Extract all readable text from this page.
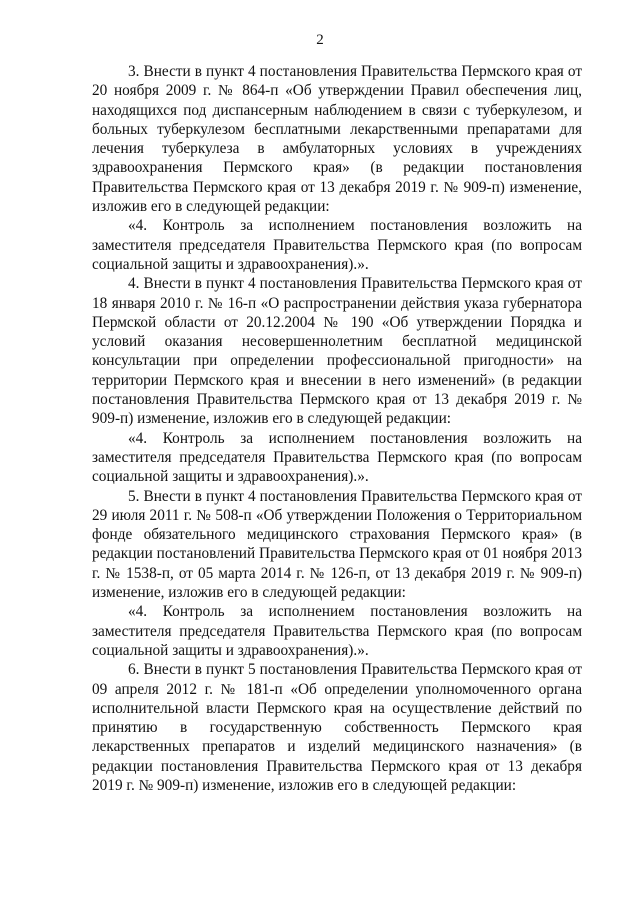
2

3. Внести в пункт 4 постановления Правительства Пермского края от 20 ноября 2009 г. № 864-п «Об утверждении Правил обеспечения лиц, находящихся под диспансерным наблюдением в связи с туберкулезом, и больных туберкулезом бесплатными лекарственными препаратами для лечения туберкулеза в амбулаторных условиях в учреждениях здравоохранения Пермского края» (в редакции постановления Правительства Пермского края от 13 декабря 2019 г. № 909-п) изменение, изложив его в следующей редакции:

«4. Контроль за исполнением постановления возложить на заместителя председателя Правительства Пермского края (по вопросам социальной защиты и здравоохранения).».

4. Внести в пункт 4 постановления Правительства Пермского края от 18 января 2010 г. № 16-п «О распространении действия указа губернатора Пермской области от 20.12.2004 № 190 «Об утверждении Порядка и условий оказания несовершеннолетним бесплатной медицинской консультации при определении профессиональной пригодности» на территории Пермского края и внесении в него изменений» (в редакции постановления Правительства Пермского края от 13 декабря 2019 г. № 909-п) изменение, изложив его в следующей редакции:

«4. Контроль за исполнением постановления возложить на заместителя председателя Правительства Пермского края (по вопросам социальной защиты и здравоохранения).».

5. Внести в пункт 4 постановления Правительства Пермского края от 29 июля 2011 г. № 508-п «Об утверждении Положения о Территориальном фонде обязательного медицинского страхования Пермского края» (в редакции постановлений Правительства Пермского края от 01 ноября 2013 г. № 1538-п, от 05 марта 2014 г. № 126-п, от 13 декабря 2019 г. № 909-п) изменение, изложив его в следующей редакции:

«4. Контроль за исполнением постановления возложить на заместителя председателя Правительства Пермского края (по вопросам социальной защиты и здравоохранения).».

6. Внести в пункт 5 постановления Правительства Пермского края от 09 апреля 2012 г. № 181-п «Об определении уполномоченного органа исполнительной власти Пермского края на осуществление действий по принятию в государственную собственность Пермского края лекарственных препаратов и изделий медицинского назначения» (в редакции постановления Правительства Пермского края от 13 декабря 2019 г. № 909-п) изменение, изложив его в следующей редакции:
